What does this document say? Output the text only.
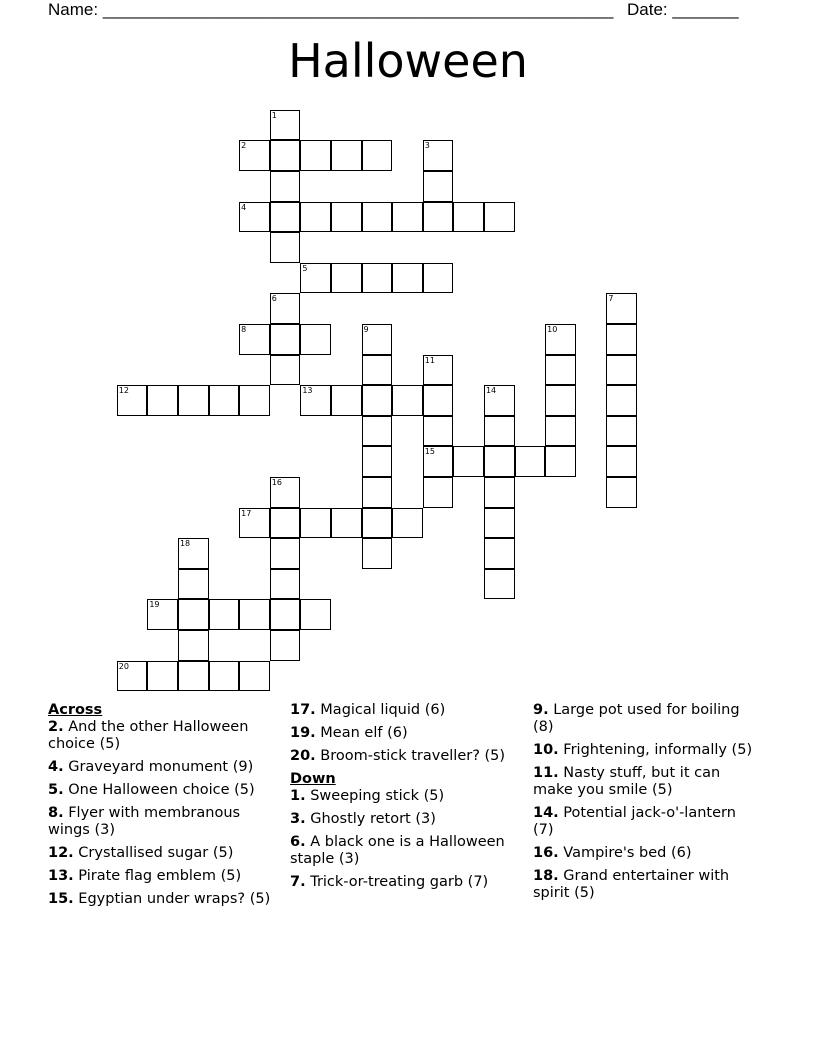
Name: ______________________________________________________ Date: _______
Halloween
1
2	3
4
5
6	7
8	9	10
11
15
12	13	14
16
17
18
19
20
Across
2. And the other Halloween choice (5)
4. Graveyard monument (9)
5. One Halloween choice (5)
8. Flyer with membranous wings (3)
12. Crystallised sugar (5)
13. Pirate flag emblem (5)
15. Egyptian under wraps? (5)
17. Magical liquid (6)
19. Mean elf (6)
20. Broom-stick traveller? (5)
Down
1. Sweeping stick (5)
3. Ghostly retort (3)
6. A black one is a Halloween staple (3)
7. Trick-or-treating garb (7)
9. Large pot used for boiling (8)
10. Frightening, informally (5)
11. Nasty stuff, but it can make you smile (5)
14. Potential jack-o'-lantern (7)
16. Vampire's bed (6)
18. Grand entertainer with spirit (5)
